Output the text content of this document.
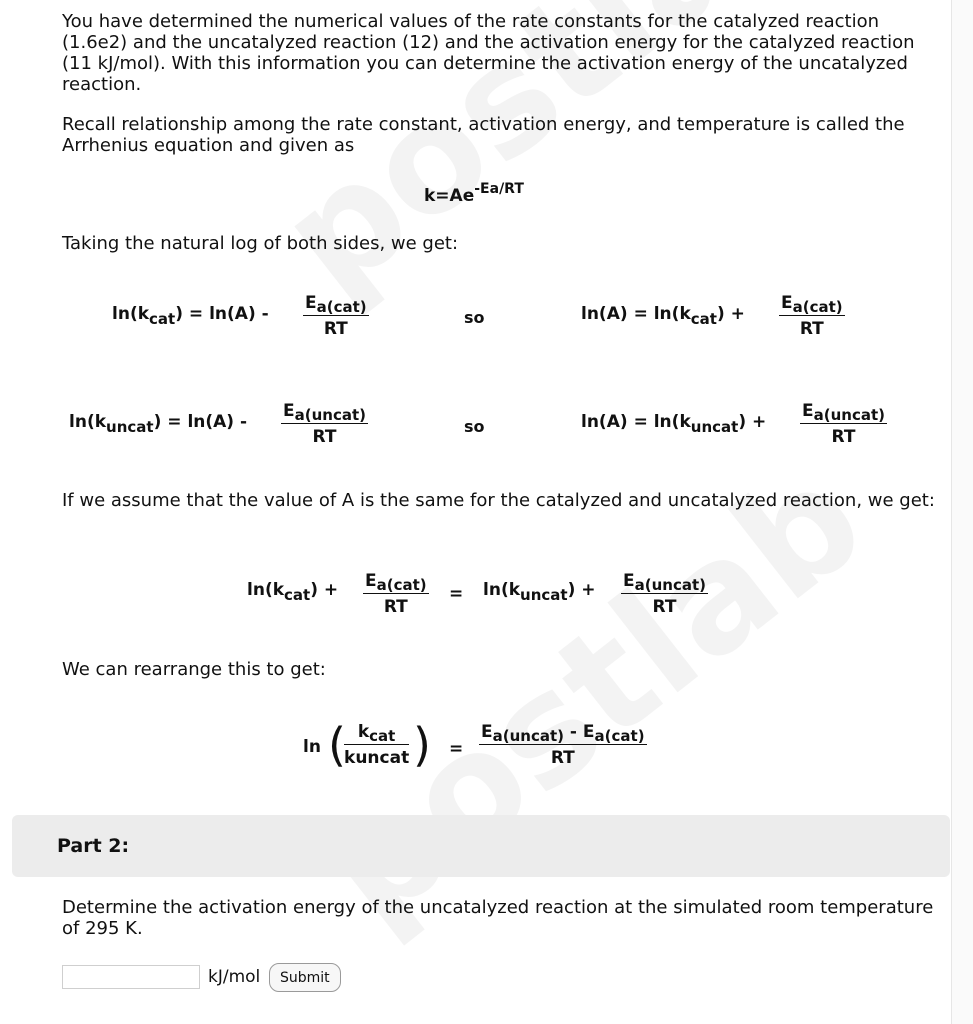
You have determined the numerical values of the rate constants for the catalyzed reaction (1.6e2) and the uncatalyzed reaction (12) and the activation energy for the catalyzed reaction (11 kJ/mol). With this information you can determine the activation energy of the uncatalyzed reaction.

Recall relationship among the rate constant, activation energy, and temperature is called the Arrhenius equation and given as

$k=Ae^{-Ea/RT}$

Taking the natural log of both sides, we get:

ln(kcat) = ln(A) -
Ea(cat)
RT
so	ln(A) = ln(kcat) +
Ea(cat)
RT
ln(kuncat) = ln(A) -
Ea(uncat)
RT
so	ln(A) = ln(kuncat) +
Ea(uncat)
RT

If we assume that the value of A is the same for the catalyzed and uncatalyzed reaction, we get:

ln(kcat) + Ea(cat)
RT
= ln(kuncat) + Ea(uncat)
RT

We can rearrange this to get:

ln ( kcat
kuncat ) =
Ea(uncat) - Ea(cat)
RT
Part 2:

Determine the activation energy of the uncatalyzed reaction at the simulated room temperature of 295 K.

kJ/mol	Submit
